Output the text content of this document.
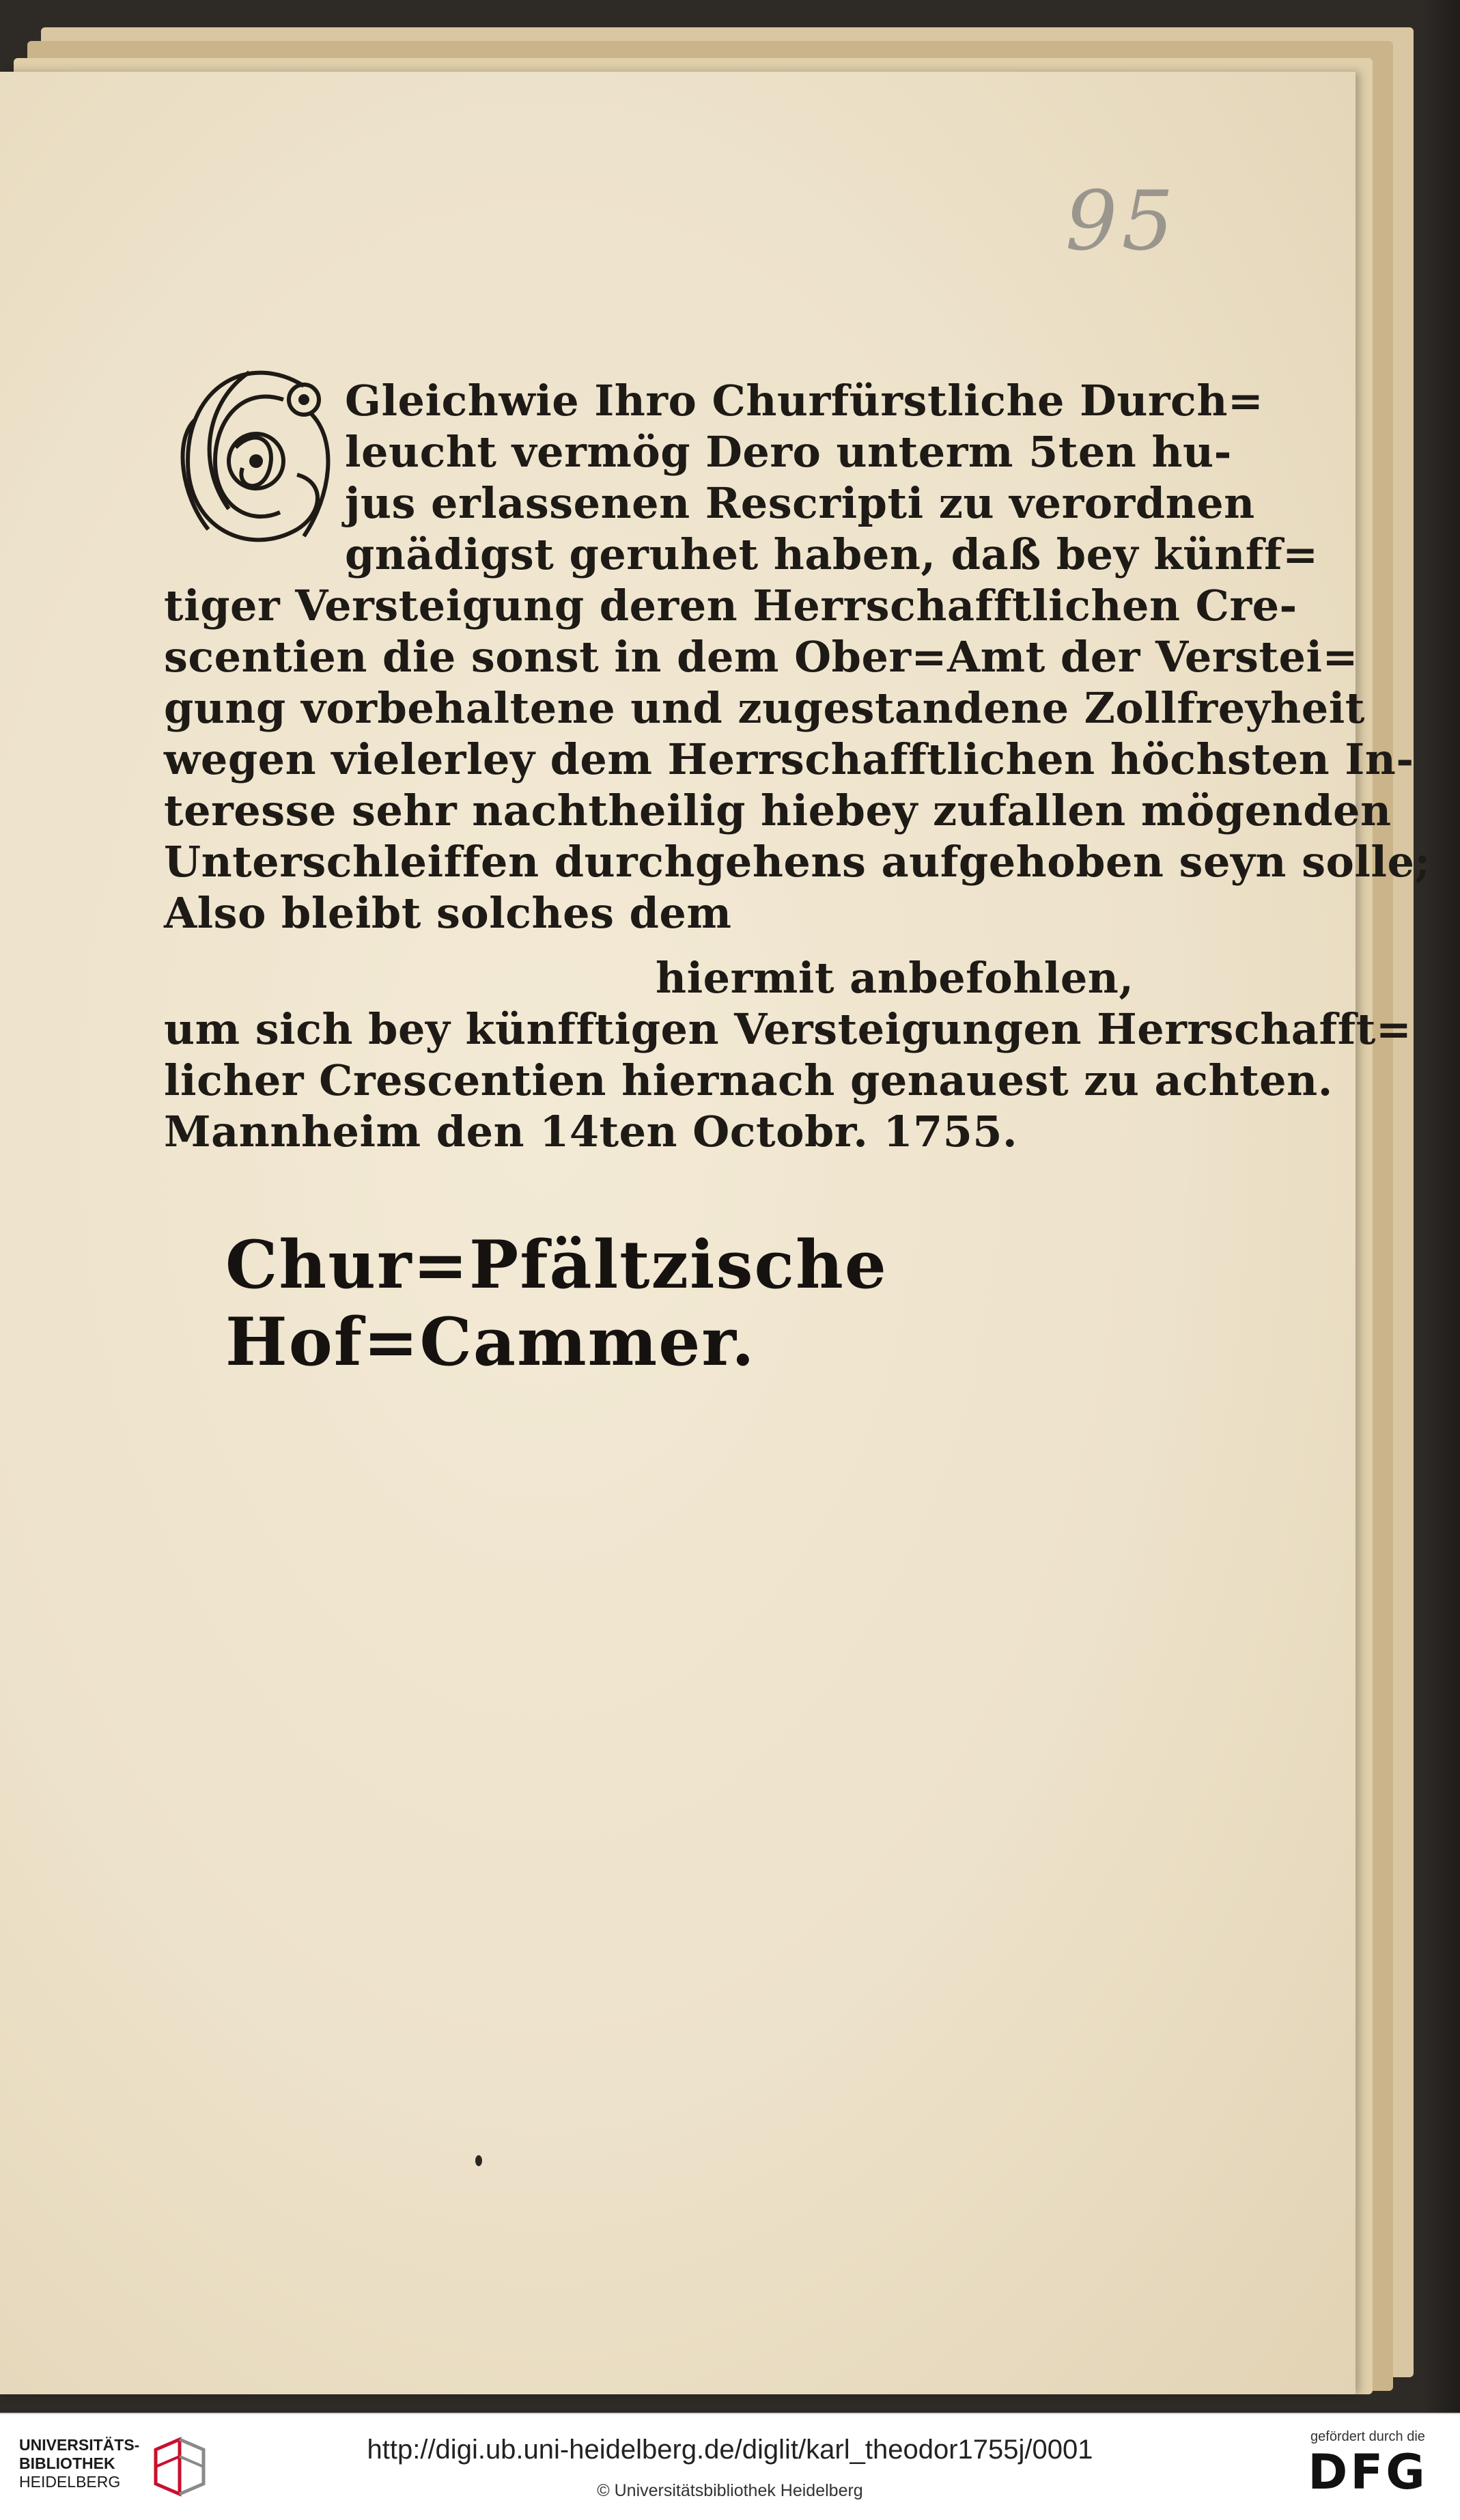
95
Gleichwie Ihro Churfürstliche Durch=
leucht vermög Dero unterm 5ten hu-
jus erlassenen Rescripti zu verordnen
gnädigst geruhet haben, daß bey künff=
tiger Versteigung deren Herrschafftlichen Cre-
scentien die sonst in dem Ober=Amt der Verstei=
gung vorbehaltene und zugestandene Zollfreyheit
wegen vielerley dem Herrschafftlichen höchsten In-
teresse sehr nachtheilig hiebey zufallen mögenden
Unterschleiffen durchgehens aufgehoben seyn solle;
Also bleibt solches dem
hiermit anbefohlen,
um sich bey künfftigen Versteigungen Herrschafft=
licher Crescentien hiernach genauest zu achten.
Mannheim den 14ten Octobr. 1755.
Chur=Pfältzische Hof=Cammer.
UNIVERSITÄTS-
BIBLIOTHEK
HEIDELBERG
http://digi.ub.uni-heidelberg.de/diglit/karl_theodor1755j/0001
© Universitätsbibliothek Heidelberg
gefördert durch die
DFG
